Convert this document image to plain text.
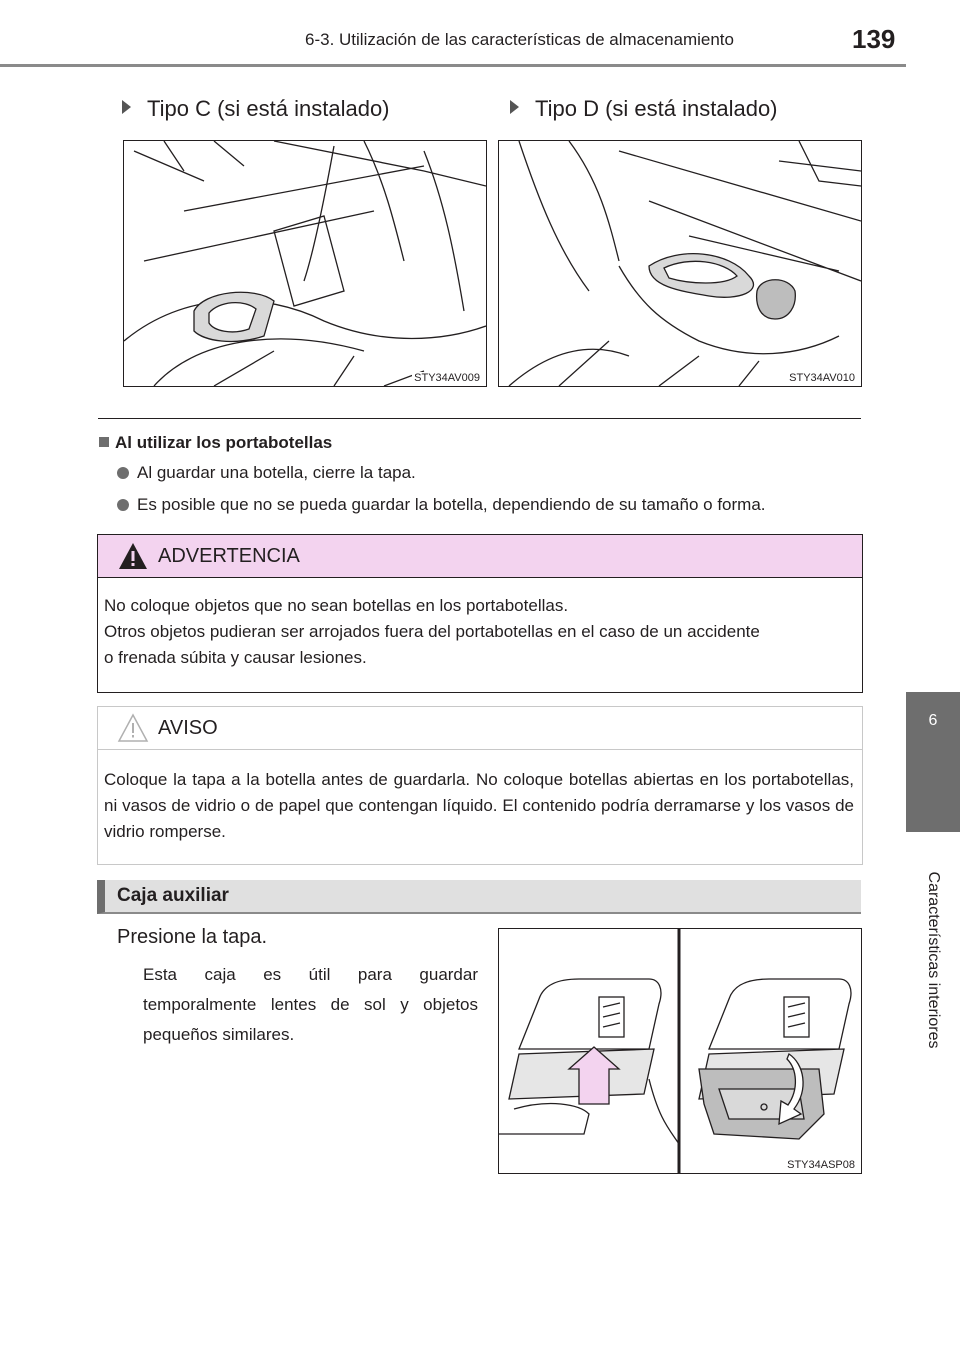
6-3. Utilización de las características de almacenamiento	139
6
Características interiores
Tipo C (si está instalado)	Tipo D (si está instalado)
STY34AV009	STY34AV010
Al utilizar los portabotellas
Al guardar una botella, cierre la tapa.
Es posible que no se pueda guardar la botella, dependiendo de su tamaño o forma.
ADVERTENCIA
No coloque objetos que no sean botellas en los portabotellas.
Otros objetos pudieran ser arrojados fuera del portabotellas en el caso de un accidente
o frenada súbita y causar lesiones.
AVISO
Coloque la tapa a la botella antes de guardarla. No coloque botellas abiertas en los portabotellas, ni vasos de vidrio o de papel que contengan líquido. El contenido podría derramarse y los vasos de vidrio romperse.
Caja auxiliar
Presione la tapa.
Esta caja es útil para guardar temporalmente lentes de sol y objetos pequeños similares.
STY34ASP08
